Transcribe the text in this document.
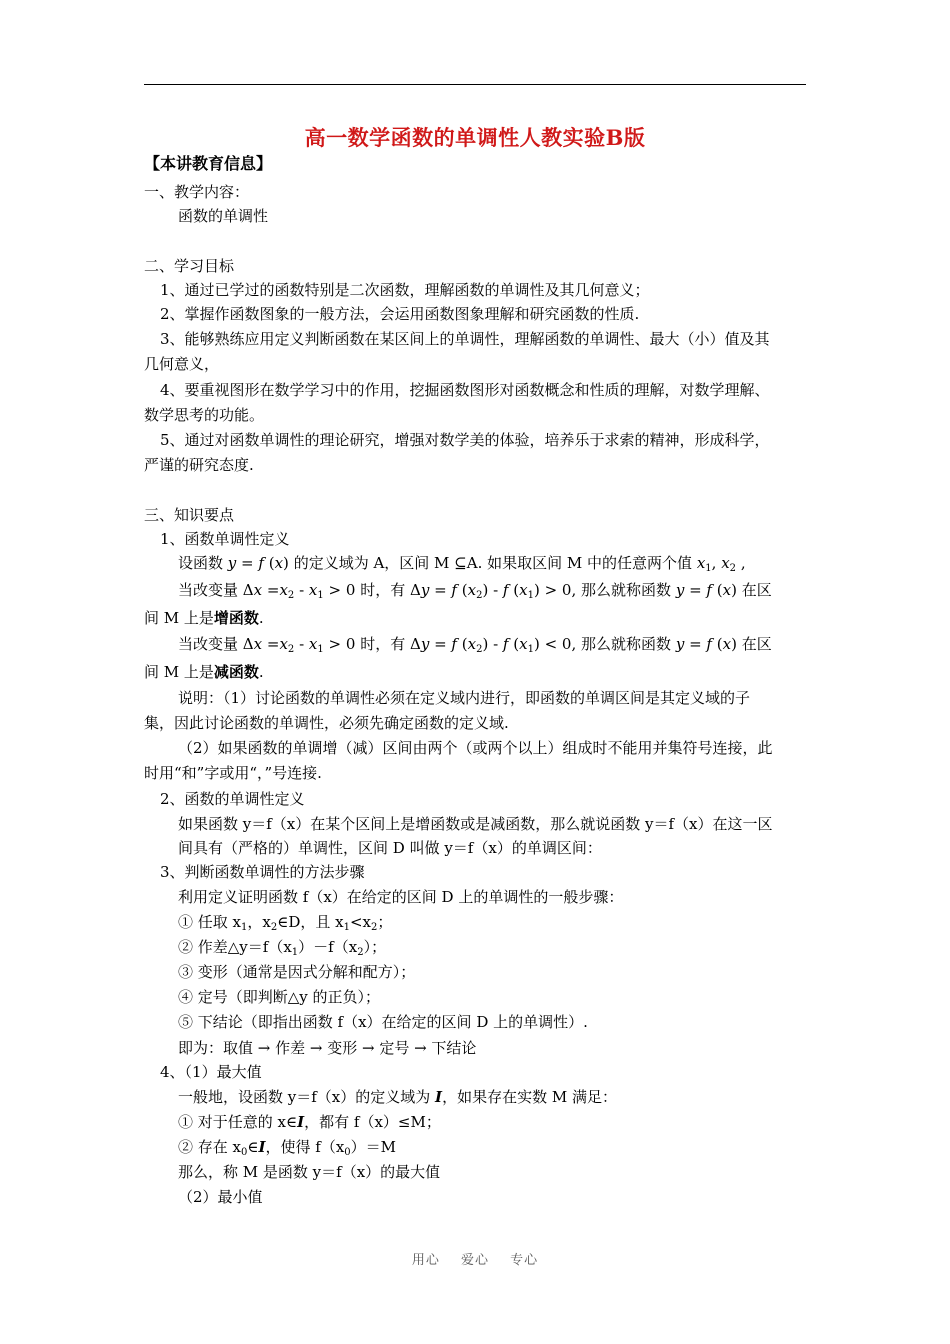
高一数学函数的单调性人教实验B版
【本讲教育信息】
一、教学内容：
函数的单调性
二、学习目标
1、通过已学过的函数特别是二次函数，理解函数的单调性及其几何意义；
2、掌握作函数图象的一般方法，会运用函数图象理解和研究函数的性质.
3、能够熟练应用定义判断函数在某区间上的单调性，理解函数的单调性、最大（小）值及其
几何意义，
4、要重视图形在数学学习中的作用，挖掘函数图形对函数概念和性质的理解，对数学理解、
数学思考的功能。
5、通过对函数单调性的理论研究，增强对数学美的体验，培养乐于求索的精神，形成科学，
严谨的研究态度.
三、知识要点
1、函数单调性定义
设函数 y = f (x) 的定义域为 A，区间 M ⊆A. 如果取区间 M 中的任意两个值 $x_1$, $x_2$ ,
当改变量 $\Delta x =x_2 - x_1 > 0$ 时，有 Δy = f $(x_2)$ - f $(x_1) > 0$, 那么就称函数 y = f (x) 在区
间 M 上是增函数.
当改变量 $\Delta x =x_2 - x_1 > 0$ 时，有 Δy = f $(x_2)$ - f $(x_1) < 0$, 那么就称函数 y = f (x) 在区
间 M 上是减函数.
说明：（1）讨论函数的单调性必须在定义域内进行，即函数的单调区间是其定义域的子
集，因此讨论函数的单调性，必须先确定函数的定义域.
（2）如果函数的单调增（减）区间由两个（或两个以上）组成时不能用并集符号连接，此
时用“和”字或用“，”号连接.
2、函数的单调性定义
如果函数 y＝f（x）在某个区间上是增函数或是减函数，那么就说函数 y＝f（x）在这一区
间具有（严格的）单调性，区间 D 叫做 y＝f（x）的单调区间：
3、判断函数单调性的方法步骤
利用定义证明函数 f（x）在给定的区间 D 上的单调性的一般步骤：
① 任取 $x_1$，$x_2\in D$，且 $x_1<x_2$；
② 作差$\triangle y=f(x_1)-f(x_2)$；
③ 变形（通常是因式分解和配方）；
④ 定号（即判断△y 的正负）；
⑤ 下结论（即指出函数 f（x）在给定的区间 D 上的单调性）.
即为：取值 → 作差 → 变形 → 定号 → 下结论
4、（1）最大值
一般地，设函数 y＝f（x）的定义域为 I，如果存在实数 M 满足：
① 对于任意的 x∈I，都有 f（x）≤M；
② 存在 $x_0\in I$，使得 $f(x_0)=M$
那么，称 M 是函数 y＝f（x）的最大值
（2）最小值
用心 爱心 专心
